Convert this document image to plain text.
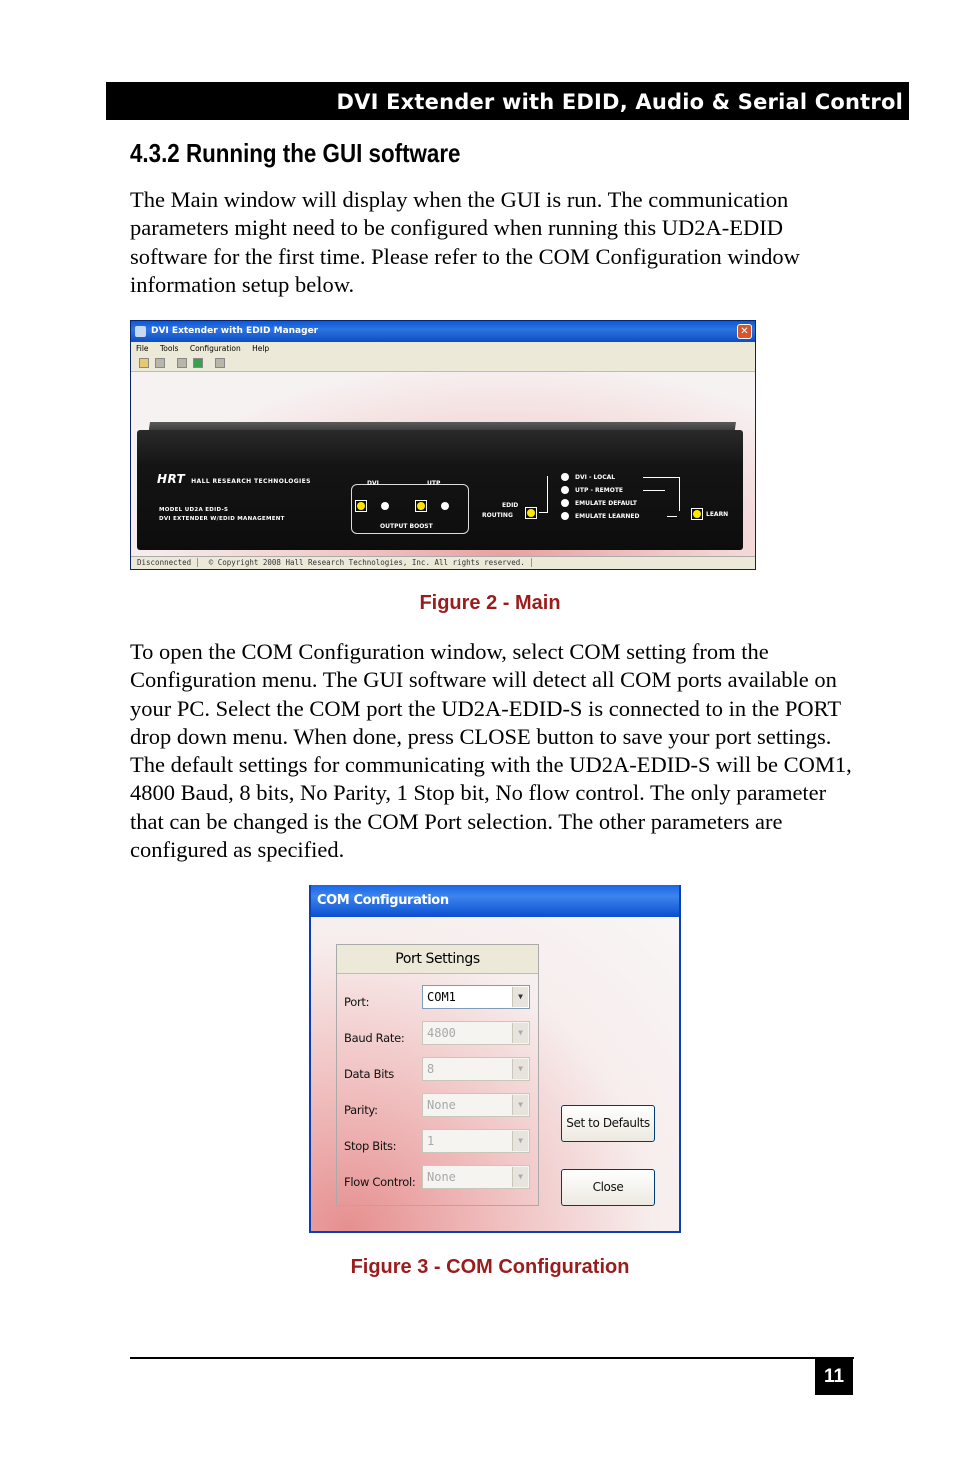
DVI Extender with EDID, Audio & Serial Control
4.3.2 Running the GUI software

The Main window will display when the GUI is run. The communication parameters might need to be configured when running this UD2A-EDID software for the first time. Please refer to the COM Configuration window information setup below.

DVI Extender with EDID Manager	✕
File Tools Configuration Help
HRT HALL RESEARCH TECHNOLOGIES
MODEL UD2A EDID-S
DVI EXTENDER W/EDID MANAGEMENT
DVI	UTP
OUTPUT BOOST
EDID
ROUTING
DVI - LOCAL
UTP - REMOTE
EMULATE DEFAULT
EMULATE LEARNED	LEARN
Disconnected © Copyright 2008 Hall Research Technologies, Inc. All rights reserved.
Figure 2 - Main

To open the COM Configuration window, select COM setting from the Configuration menu. The GUI software will detect all COM ports available on your PC. Select the COM port the UD2A-EDID-S is connected to in the PORT drop down menu. When done, press CLOSE button to save your port settings. The default settings for communicating with the UD2A-EDID-S will be COM1, 4800 Baud, 8 bits, No Parity, 1 Stop bit, No flow control. The only parameter that can be changed is the COM Port selection. The other parameters are configured as specified.

COM Configuration
Port Settings
Port:	COM1	▼
Baud Rate:	4800	▼
Data Bits	8	▼
Parity:	None	▼
Stop Bits:	1	▼
Flow Control: None	▼
Set to Defaults
Close
Figure 3 - COM Configuration
11
